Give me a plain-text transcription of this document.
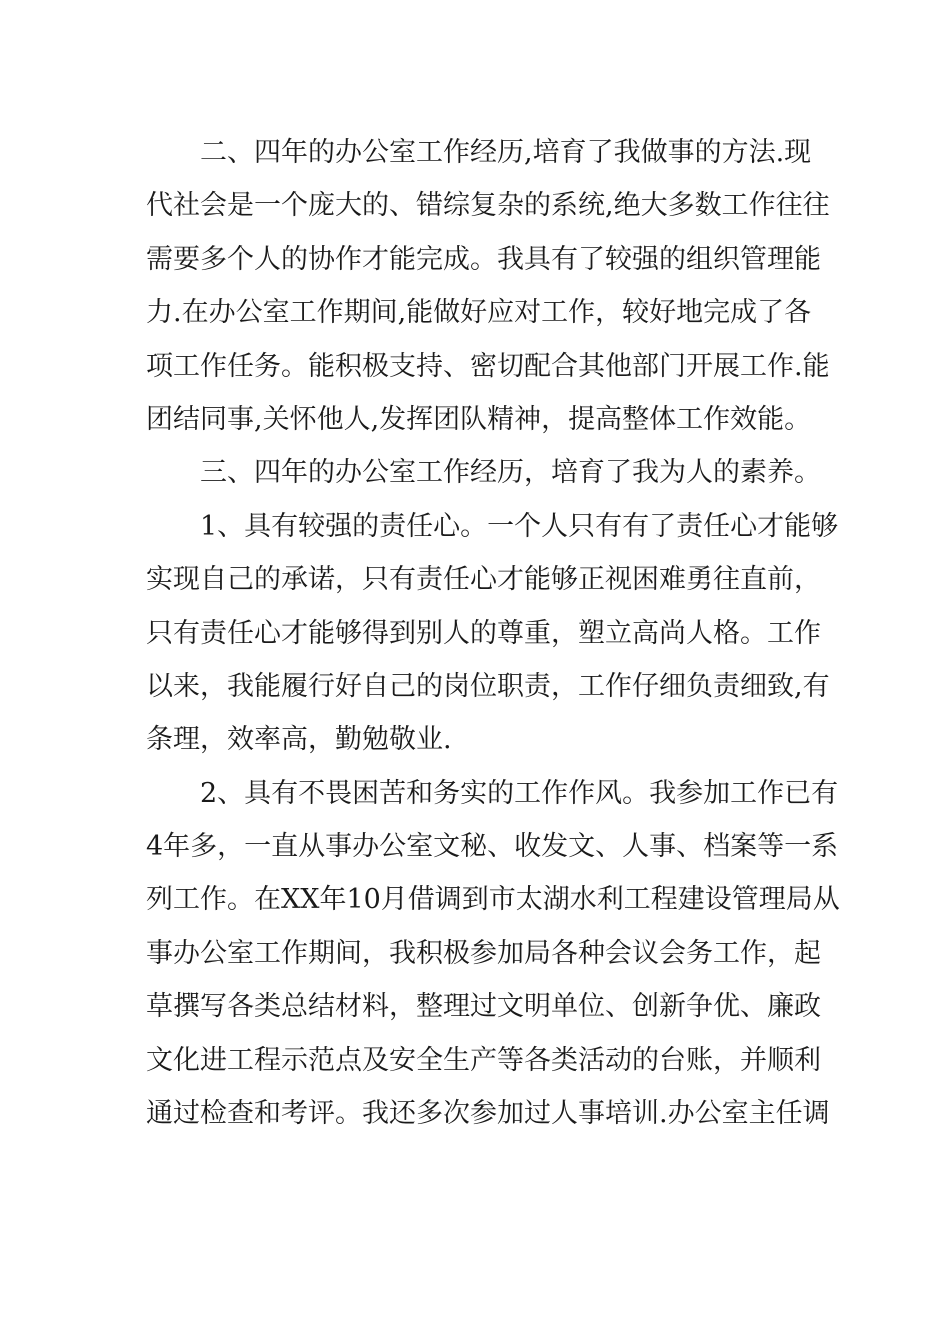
二、四年的办公室工作经历,培育了我做事的方法.现
代社会是一个庞大的、错综复杂的系统,绝大多数工作往往
需要多个人的协作才能完成。我具有了较强的组织管理能
力.在办公室工作期间,能做好应对工作，较好地完成了各
项工作任务。能积极支持、密切配合其他部门开展工作.能
团结同事,关怀他人,发挥团队精神，提高整体工作效能。
三、四年的办公室工作经历，培育了我为人的素养。
1、具有较强的责任心。一个人只有有了责任心才能够
实现自己的承诺，只有责任心才能够正视困难勇往直前，
只有责任心才能够得到别人的尊重，塑立高尚人格。工作
以来，我能履行好自己的岗位职责，工作仔细负责细致,有
条理，效率高，勤勉敬业.
2、具有不畏困苦和务实的工作作风。我参加工作已有
4年多，一直从事办公室文秘、收发文、人事、档案等一系
列工作。在XX年10月借调到市太湖水利工程建设管理局从
事办公室工作期间，我积极参加局各种会议会务工作，起
草撰写各类总结材料，整理过文明单位、创新争优、廉政
文化进工程示范点及安全生产等各类活动的台账，并顺利
通过检查和考评。我还多次参加过人事培训.办公室主任调
